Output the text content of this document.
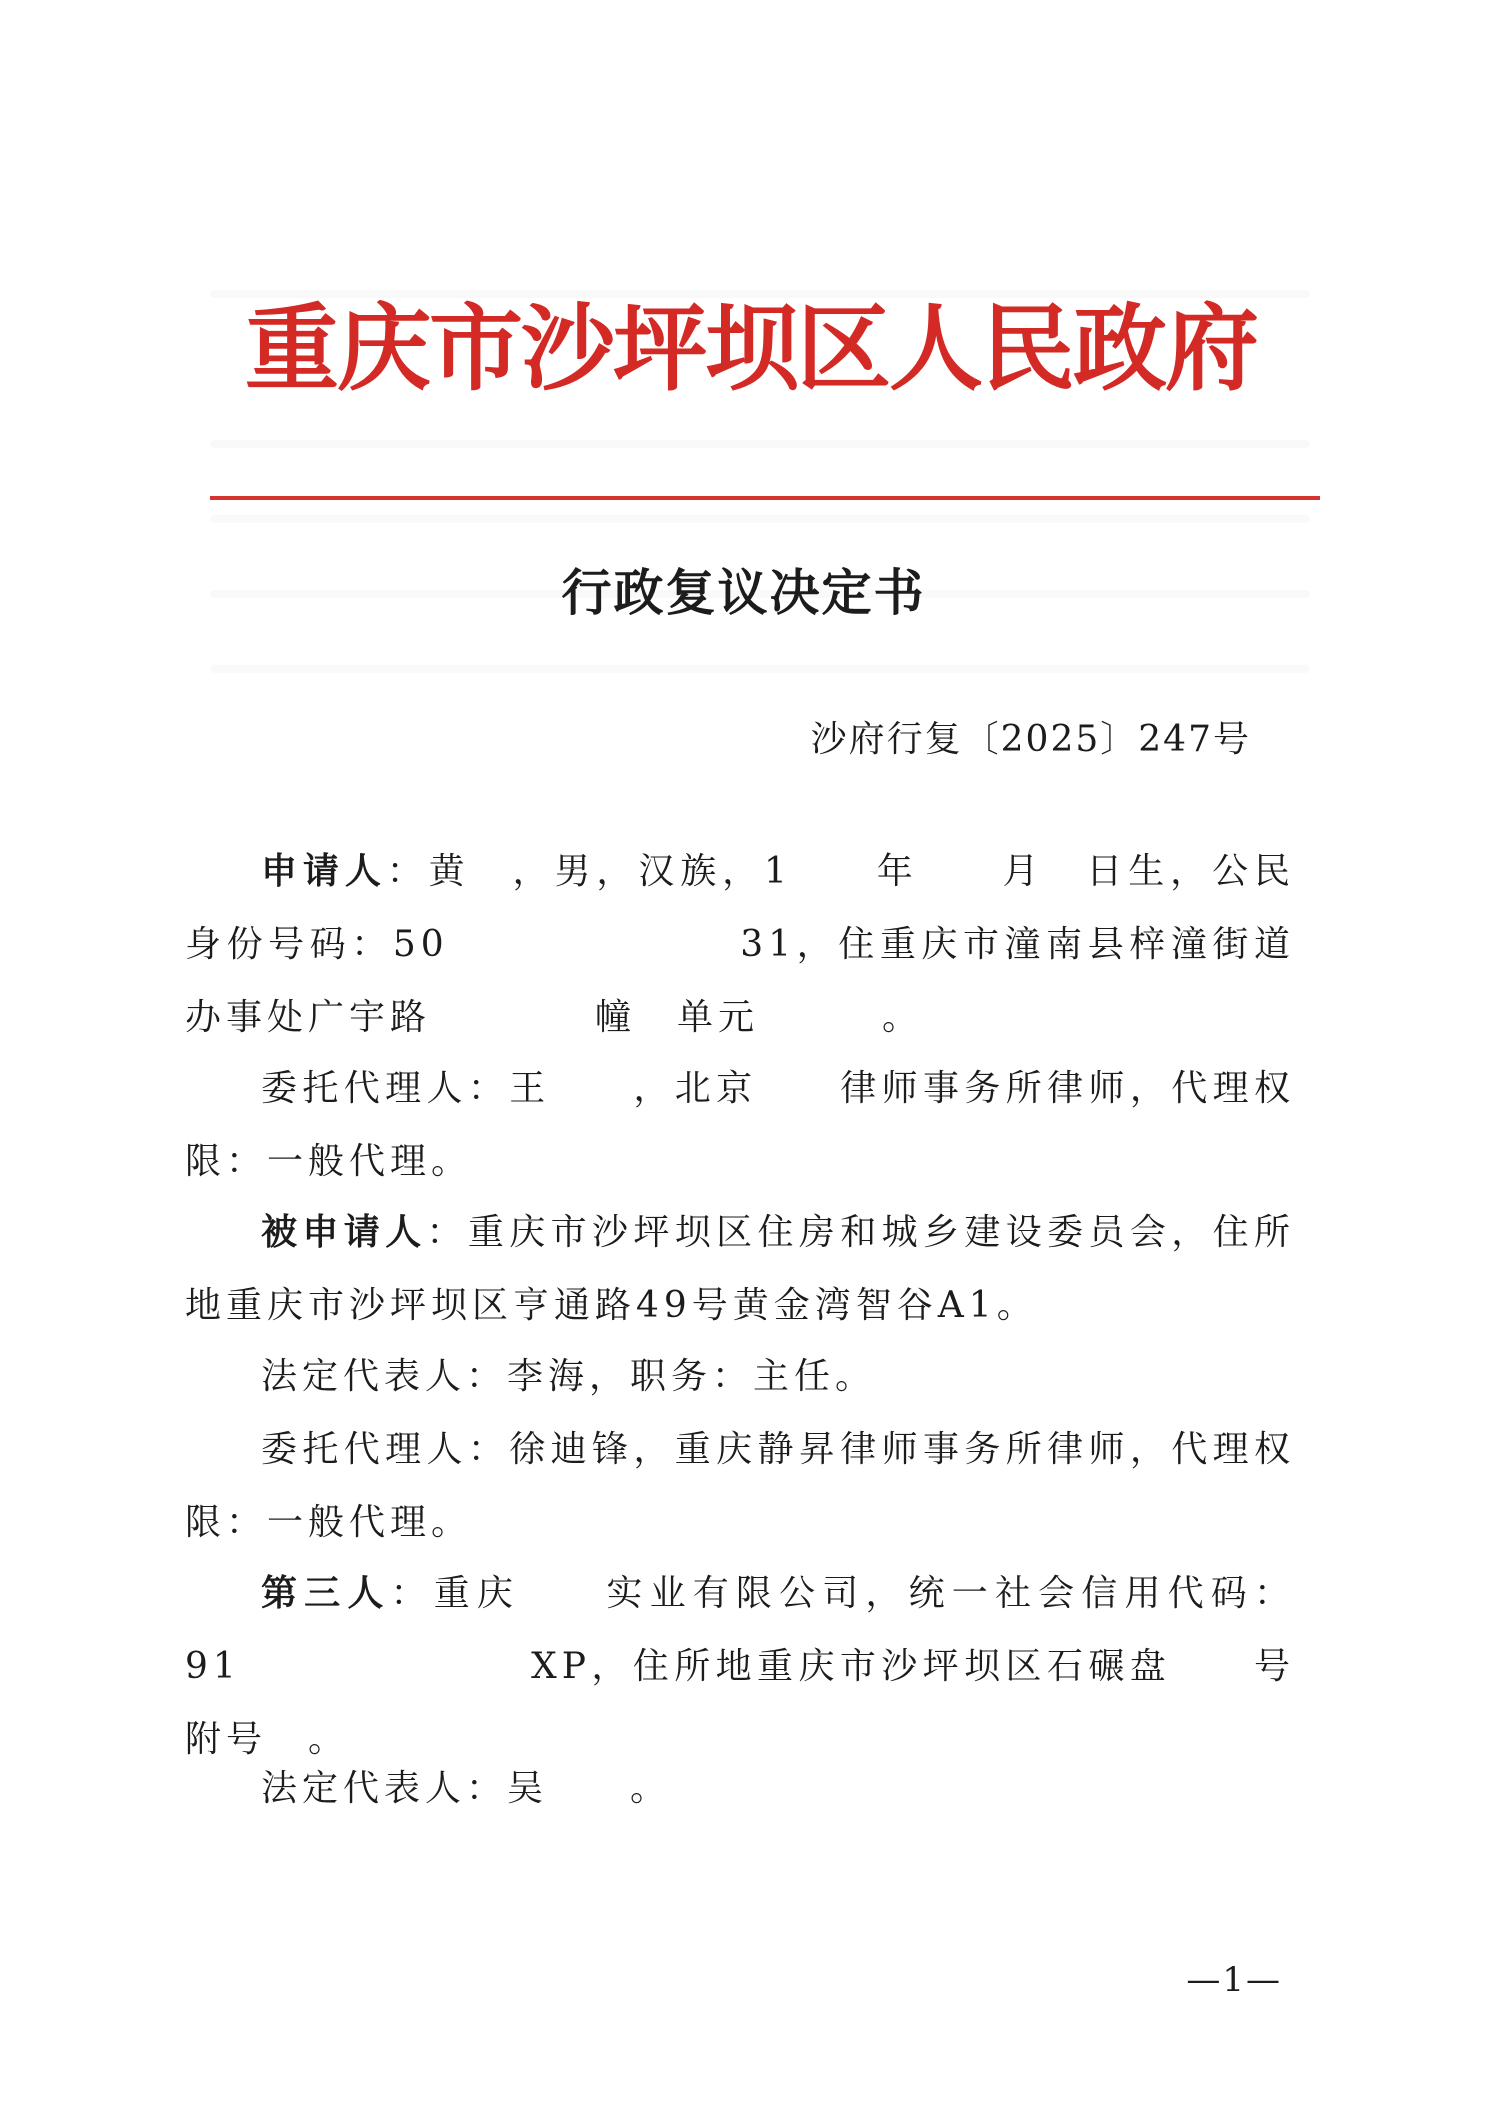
重庆市沙坪坝区人民政府
行政复议决定书
沙府行复〔2025〕247号

申请人：黄　，男，汉族，1　　年　　月　日生，公民身份号码：50　　　　　　　31，住重庆市潼南县梓潼街道办事处广宇路　　　　幢　单元　　　。

委托代理人：王　　，北京　　律师事务所律师，代理权限：一般代理。

被申请人：重庆市沙坪坝区住房和城乡建设委员会，住所地重庆市沙坪坝区亨通路49号黄金湾智谷A1。

法定代表人：李海，职务：主任。

委托代理人：徐迪锋，重庆静昇律师事务所律师，代理权限：一般代理。

第三人：重庆　　实业有限公司，统一社会信用代码：91　　　　　　　XP，住所地重庆市沙坪坝区石碾盘　　号附号　。

法定代表人：吴　　。

—1—
